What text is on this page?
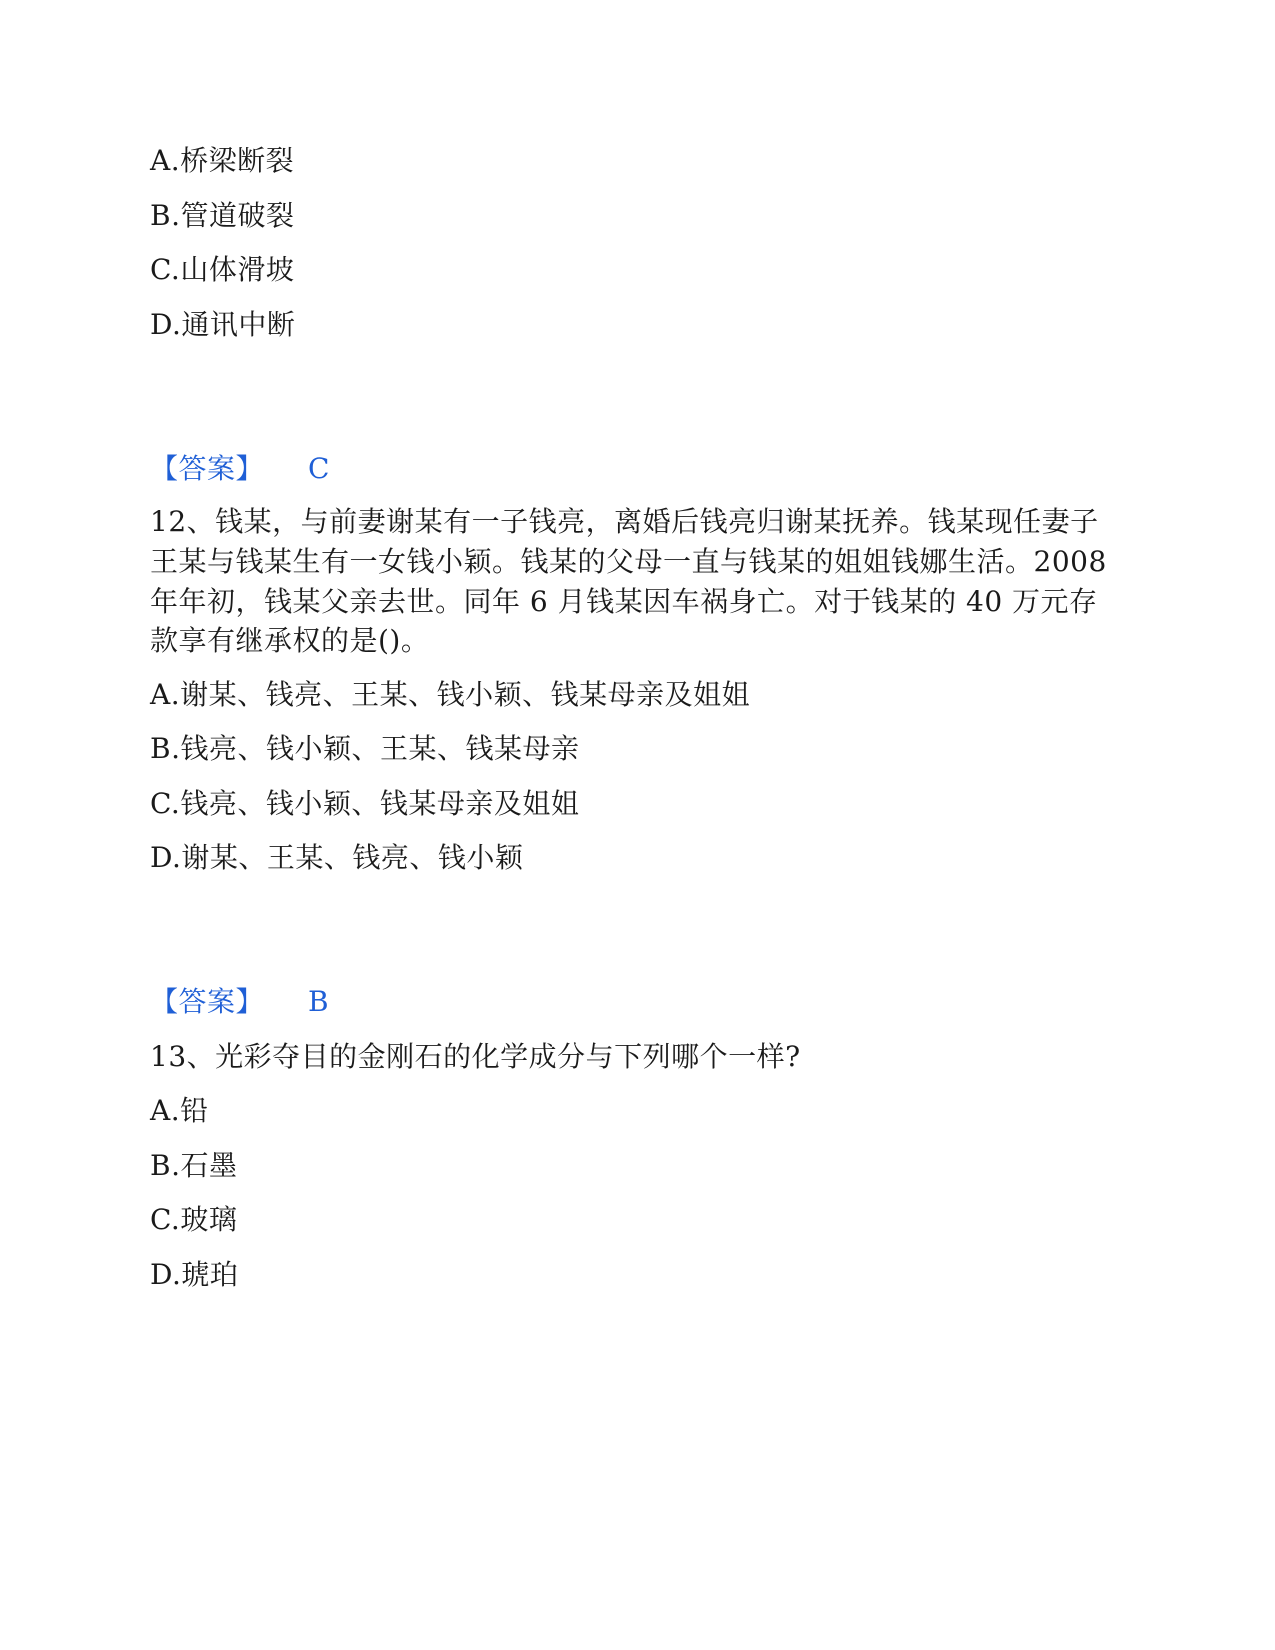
A.桥梁断裂
B.管道破裂
C.山体滑坡
D.通讯中断
【答案】 C
12、钱某，与前妻谢某有一子钱亮，离婚后钱亮归谢某抚养。钱某现任妻子
王某与钱某生有一女钱小颖。钱某的父母一直与钱某的姐姐钱娜生活。2008
年年初，钱某父亲去世。同年 6 月钱某因车祸身亡。对于钱某的 40 万元存
款享有继承权的是()。
A.谢某、钱亮、王某、钱小颖、钱某母亲及姐姐
B.钱亮、钱小颖、王某、钱某母亲
C.钱亮、钱小颖、钱某母亲及姐姐
D.谢某、王某、钱亮、钱小颖
【答案】 B
13、光彩夺目的金刚石的化学成分与下列哪个一样?
A.铅
B.石墨
C.玻璃
D.琥珀
